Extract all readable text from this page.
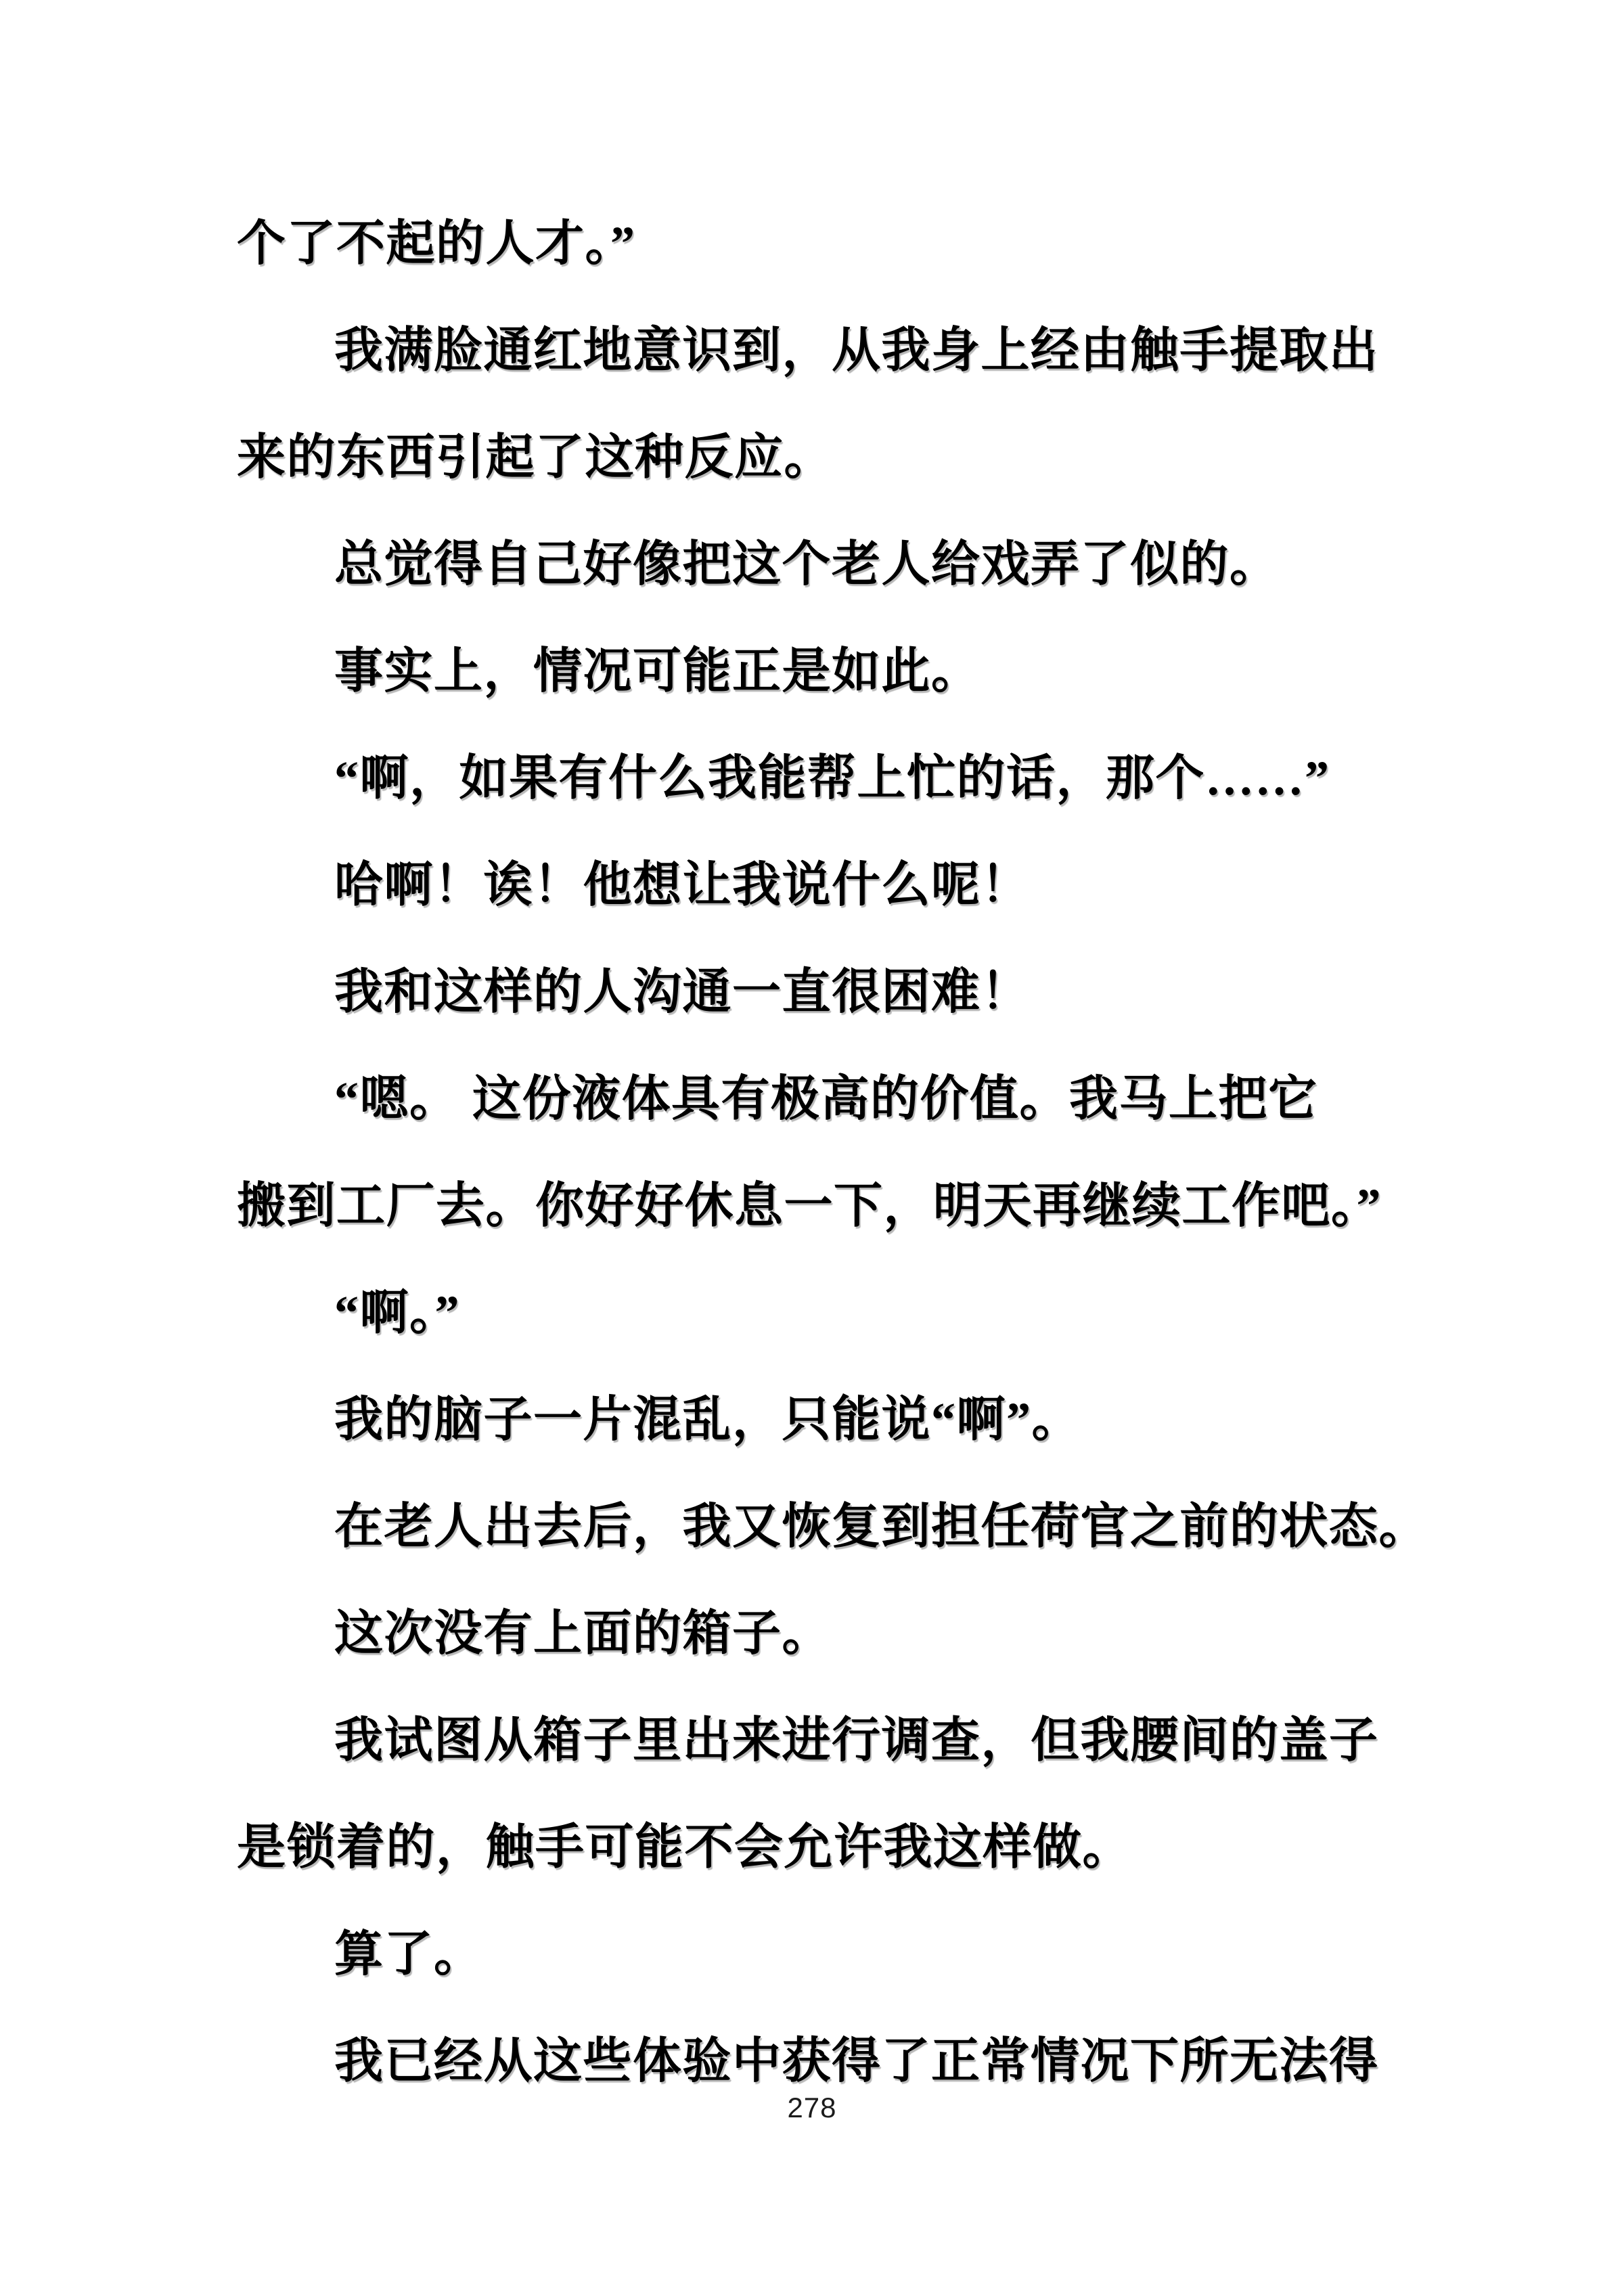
个了不起的人才。”
我满脸通红地意识到，从我身上经由触手提取出
来的东西引起了这种反应。
总觉得自己好像把这个老人给戏弄了似的。
事实上，情况可能正是如此。
“啊，如果有什么我能帮上忙的话，那个……”
哈啊！诶！他想让我说什么呢！
我和这样的人沟通一直很困难！
“嗯。 这份液体具有极高的价值。我马上把它
搬到工厂去。你好好休息一下，明天再继续工作吧。”
“啊。”
我的脑子一片混乱，只能说“啊”。
在老人出去后，我又恢复到担任荷官之前的状态。
这次没有上面的箱子。
我试图从箱子里出来进行调查，但我腰间的盖子
是锁着的，触手可能不会允许我这样做。
算了。
我已经从这些体验中获得了正常情况下所无法得
278
